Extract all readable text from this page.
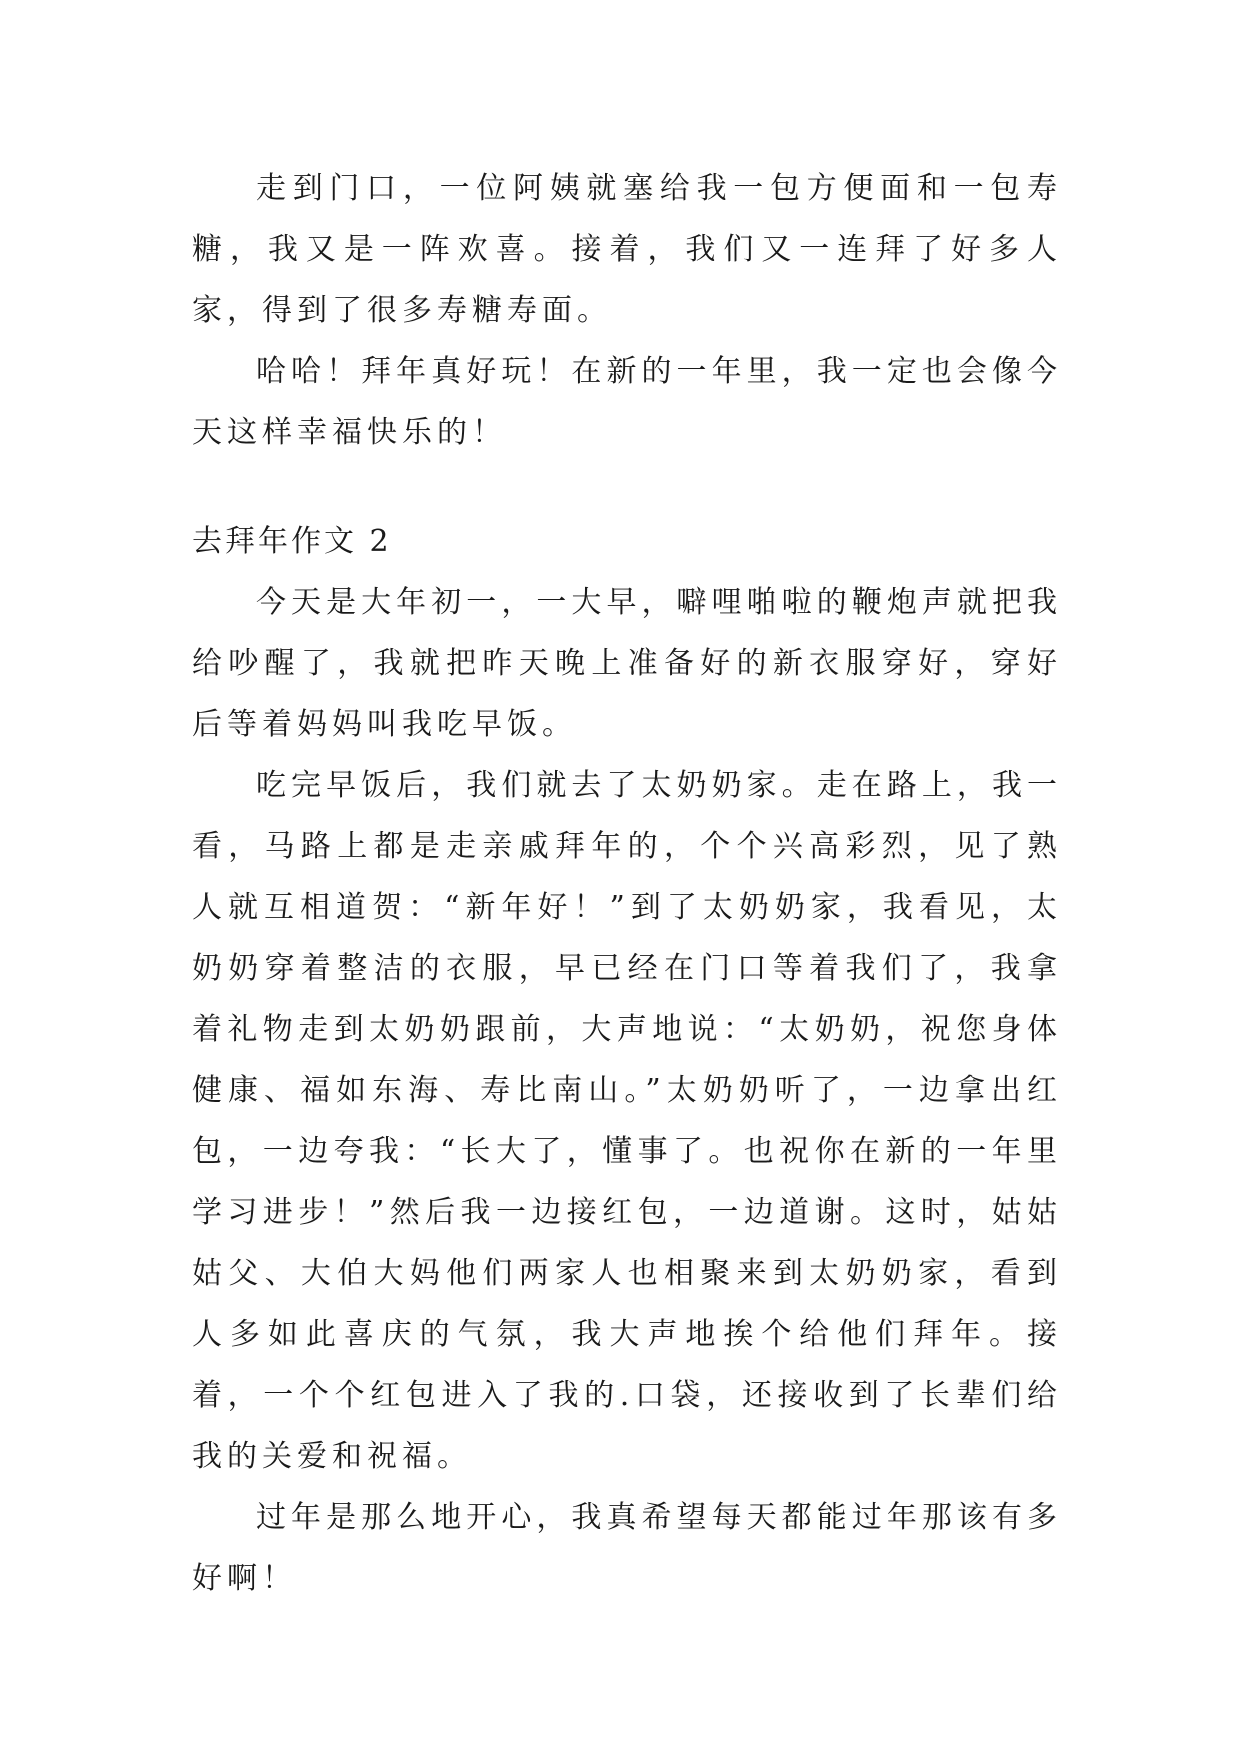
走到门口，一位阿姨就塞给我一包方便面和一包寿糖，我又是一阵欢喜。接着，我们又一连拜了好多人家，得到了很多寿糖寿面。

哈哈！拜年真好玩！在新的一年里，我一定也会像今天这样幸福快乐的！

去拜年作文 2

今天是大年初一，一大早，噼哩啪啦的鞭炮声就把我给吵醒了，我就把昨天晚上准备好的新衣服穿好，穿好后等着妈妈叫我吃早饭。

吃完早饭后，我们就去了太奶奶家。走在路上，我一看，马路上都是走亲戚拜年的，个个兴高彩烈，见了熟人就互相道贺：“新年好！”到了太奶奶家，我看见，太奶奶穿着整洁的衣服，早已经在门口等着我们了，我拿着礼物走到太奶奶跟前，大声地说：“太奶奶，祝您身体健康、福如东海、寿比南山。”太奶奶听了，一边拿出红包，一边夸我：“长大了，懂事了。也祝你在新的一年里学习进步！”然后我一边接红包，一边道谢。这时，姑姑姑父、大伯大妈他们两家人也相聚来到太奶奶家，看到人多如此喜庆的气氛，我大声地挨个给他们拜年。接着，一个个红包进入了我的.口袋，还接收到了长辈们给我的关爱和祝福。

过年是那么地开心，我真希望每天都能过年那该有多好啊！
